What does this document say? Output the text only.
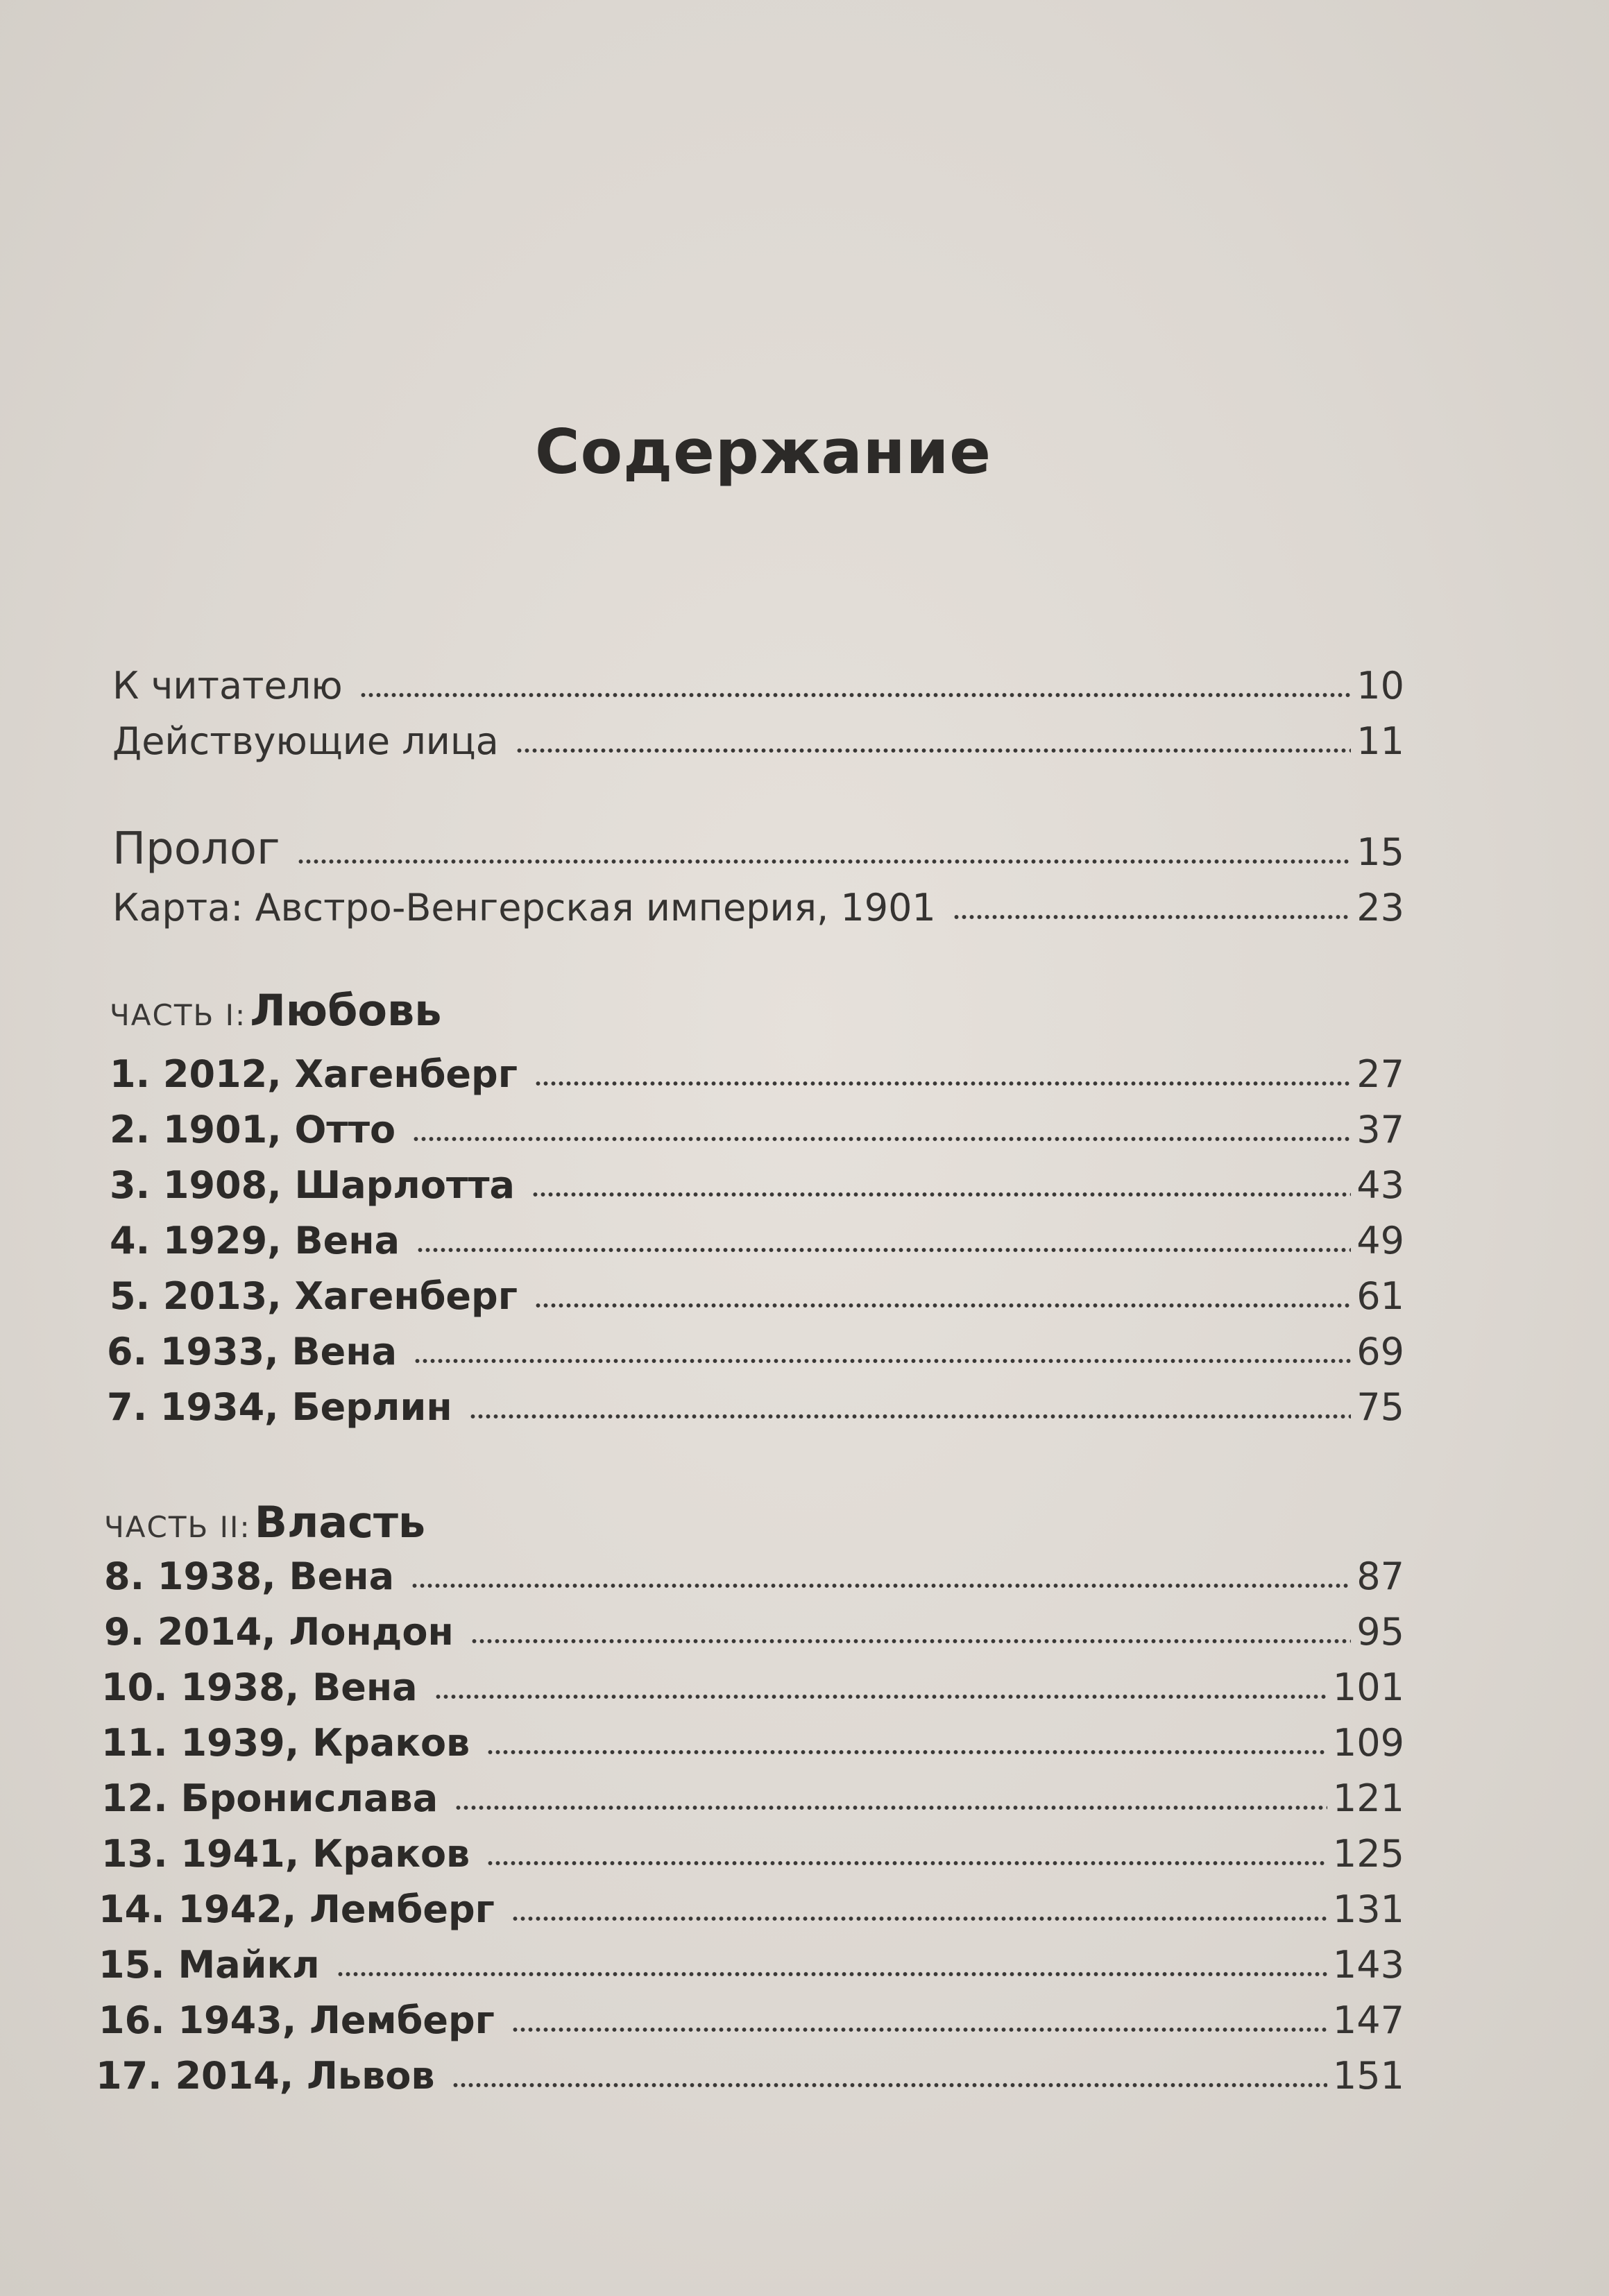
Содержание
К читателю	10
Действующие лица	11
Пролог	15
Карта: Австро-Венгерская империя, 1901	23
ЧАСТЬ I: Любовь
1. 2012, Хагенберг	27
2. 1901, Отто	37
3. 1908, Шарлотта	43
4. 1929, Вена	49
5. 2013, Хагенберг	61
6. 1933, Вена	69
7. 1934, Берлин	75
ЧАСТЬ II: Власть
8. 1938, Вена	87
9. 2014, Лондон	95
10. 1938, Вена	101
11. 1939, Краков	109
12. Бронислава	121
13. 1941, Краков	125
14. 1942, Лемберг	131
15. Майкл	143
16. 1943, Лемберг	147
17. 2014, Львов	151
